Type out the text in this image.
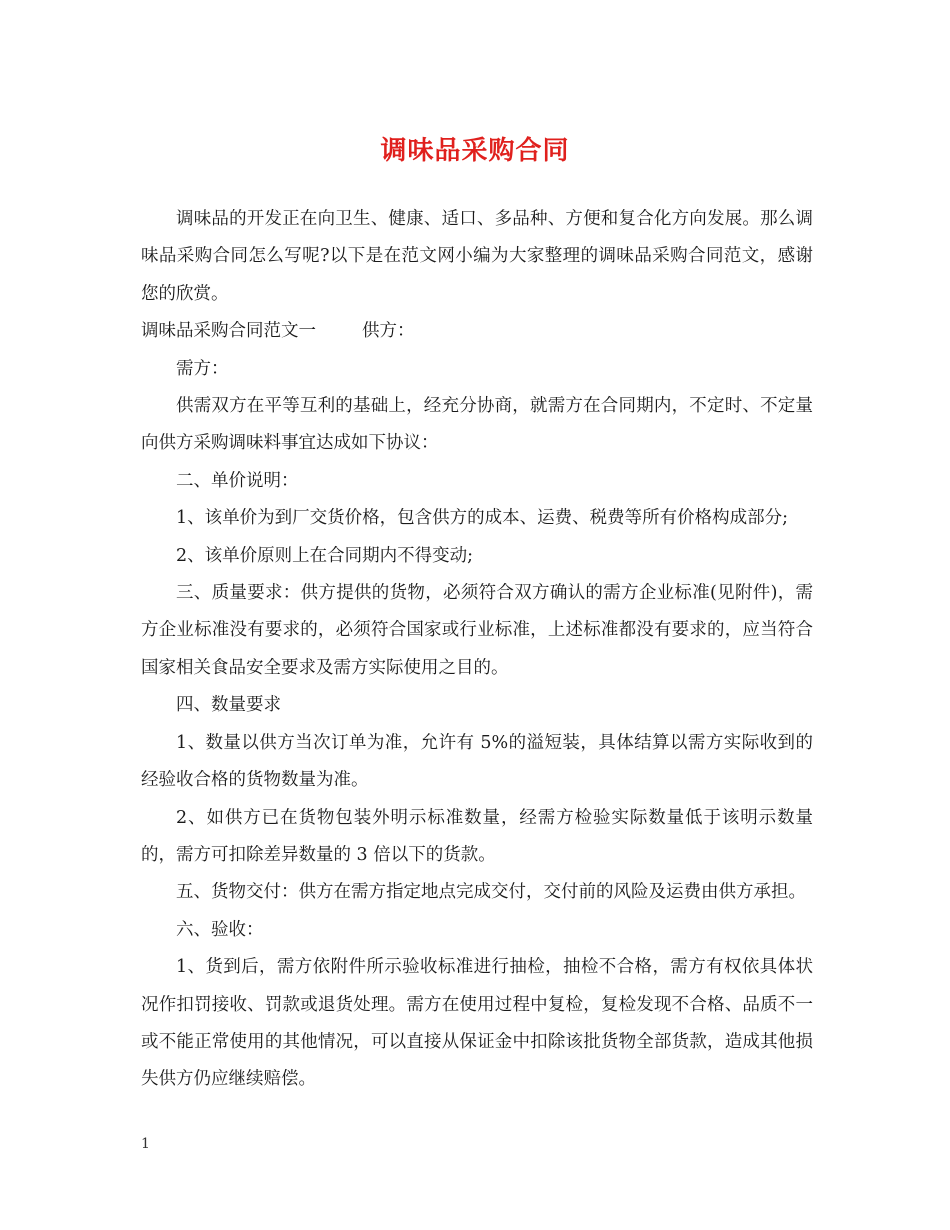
调味品采购合同

调味品的开发正在向卫生、健康、适口、多品种、方便和复合化方向发展。那么调味品采购合同怎么写呢?以下是在范文网小编为大家整理的调味品采购合同范文，感谢您的欣赏。

调味品采购合同范文一	供方：

需方：

供需双方在平等互利的基础上，经充分协商，就需方在合同期内，不定时、不定量向供方采购调味料事宜达成如下协议：

二、单价说明：

1、该单价为到厂交货价格，包含供方的成本、运费、税费等所有价格构成部分;

2、该单价原则上在合同期内不得变动;

三、质量要求：供方提供的货物，必须符合双方确认的需方企业标准(见附件)，需方企业标准没有要求的，必须符合国家或行业标准，上述标准都没有要求的，应当符合国家相关食品安全要求及需方实际使用之目的。

四、数量要求

1、数量以供方当次订单为准，允许有 5%的溢短装，具体结算以需方实际收到的经验收合格的货物数量为准。

2、如供方已在货物包装外明示标准数量，经需方检验实际数量低于该明示数量的，需方可扣除差异数量的 3 倍以下的货款。

五、货物交付：供方在需方指定地点完成交付，交付前的风险及运费由供方承担。

六、验收：

1、货到后，需方依附件所示验收标准进行抽检，抽检不合格，需方有权依具体状况作扣罚接收、罚款或退货处理。需方在使用过程中复检，复检发现不合格、品质不一或不能正常使用的其他情况，可以直接从保证金中扣除该批货物全部货款，造成其他损失供方仍应继续赔偿。

1
